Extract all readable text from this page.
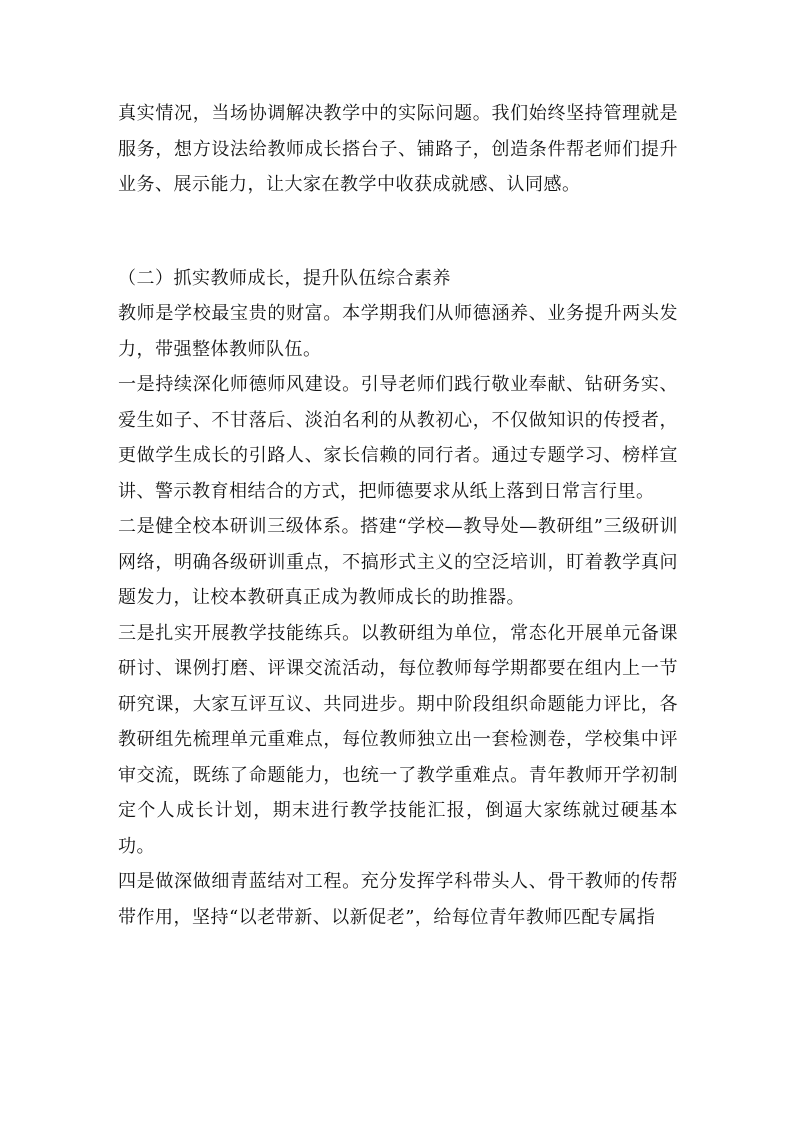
真实情况，当场协调解决教学中的实际问题。我们始终坚持管理就是服务，想方设法给教师成长搭台子、铺路子，创造条件帮老师们提升业务、展示能力，让大家在教学中收获成就感、认同感。

（二）抓实教师成长，提升队伍综合素养

教师是学校最宝贵的财富。本学期我们从师德涵养、业务提升两头发力，带强整体教师队伍。

一是持续深化师德师风建设。引导老师们践行敬业奉献、钻研务实、爱生如子、不甘落后、淡泊名利的从教初心，不仅做知识的传授者，更做学生成长的引路人、家长信赖的同行者。通过专题学习、榜样宣讲、警示教育相结合的方式，把师德要求从纸上落到日常言行里。

二是健全校本研训三级体系。搭建“学校—教导处—教研组”三级研训网络，明确各级研训重点，不搞形式主义的空泛培训，盯着教学真问题发力，让校本教研真正成为教师成长的助推器。

三是扎实开展教学技能练兵。以教研组为单位，常态化开展单元备课研讨、课例打磨、评课交流活动，每位教师每学期都要在组内上一节研究课，大家互评互议、共同进步。期中阶段组织命题能力评比，各教研组先梳理单元重难点，每位教师独立出一套检测卷，学校集中评审交流，既练了命题能力，也统一了教学重难点。青年教师开学初制定个人成长计划，期末进行教学技能汇报，倒逼大家练就过硬基本功。

四是做深做细青蓝结对工程。充分发挥学科带头人、骨干教师的传帮带作用，坚持“以老带新、以新促老”，给每位青年教师匹配专属指
